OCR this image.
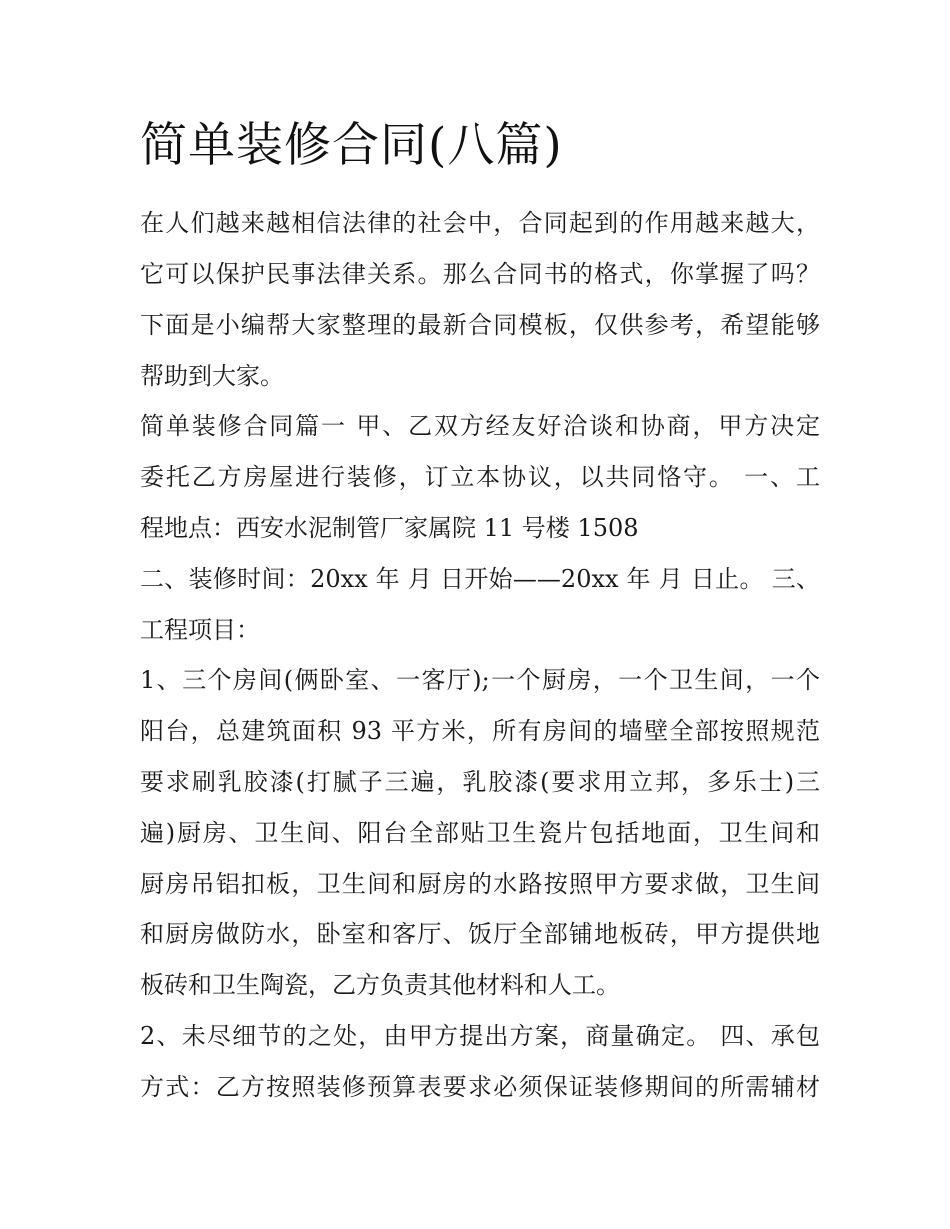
简单装修合同(八篇)

在人们越来越相信法律的社会中，合同起到的作用越来越大，

它可以保护民事法律关系。那么合同书的格式，你掌握了吗？

下面是小编帮大家整理的最新合同模板，仅供参考，希望能够

帮助到大家。

简单装修合同篇一 甲、乙双方经友好洽谈和协商，甲方决定

委托乙方房屋进行装修，订立本协议，以共同恪守。 一、工

程地点：西安水泥制管厂家属院 11 号楼 1508

二、装修时间：20xx 年 月 日开始——20xx 年 月 日止。 三、

工程项目：

1、三个房间(俩卧室、一客厅);一个厨房，一个卫生间，一个

阳台，总建筑面积 93 平方米，所有房间的墙壁全部按照规范

要求刷乳胶漆(打腻子三遍，乳胶漆(要求用立邦，多乐士)三

遍)厨房、卫生间、阳台全部贴卫生瓷片包括地面，卫生间和

厨房吊铝扣板，卫生间和厨房的水路按照甲方要求做，卫生间

和厨房做防水，卧室和客厅、饭厅全部铺地板砖，甲方提供地

板砖和卫生陶瓷，乙方负责其他材料和人工。

2、未尽细节的之处，由甲方提出方案，商量确定。 四、承包

方式：乙方按照装修预算表要求必须保证装修期间的所需辅材
